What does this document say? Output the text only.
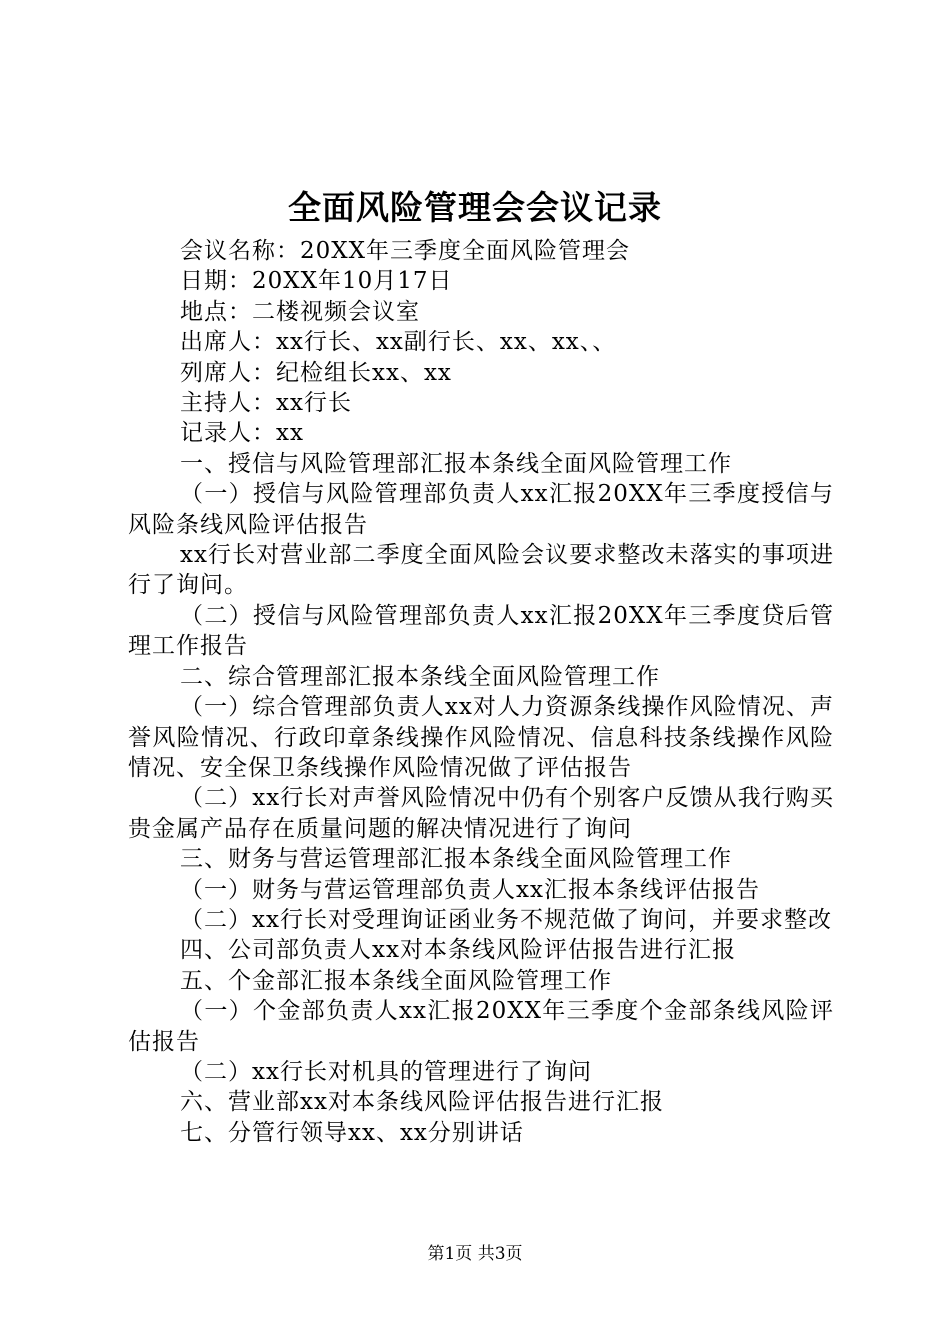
全面风险管理会会议记录

会议名称：20XX年三季度全面风险管理会

日期：20XX年10月17日

地点：二楼视频会议室

出席人：xx行长、xx副行长、xx、xx、、

列席人：纪检组长xx、xx

主持人：xx行长

记录人：xx

一、授信与风险管理部汇报本条线全面风险管理工作

（一）授信与风险管理部负责人xx汇报20XX年三季度授信与风险条线风险评估报告

xx行长对营业部二季度全面风险会议要求整改未落实的事项进行了询问。

（二）授信与风险管理部负责人xx汇报20XX年三季度贷后管理工作报告

二、综合管理部汇报本条线全面风险管理工作

（一）综合管理部负责人xx对人力资源条线操作风险情况、声誉风险情况、行政印章条线操作风险情况、信息科技条线操作风险情况、安全保卫条线操作风险情况做了评估报告

（二）xx行长对声誉风险情况中仍有个别客户反馈从我行购买贵金属产品存在质量问题的解决情况进行了询问

三、财务与营运管理部汇报本条线全面风险管理工作

（一）财务与营运管理部负责人xx汇报本条线评估报告

（二）xx行长对受理询证函业务不规范做了询问，并要求整改

四、公司部负责人xx对本条线风险评估报告进行汇报

五、个金部汇报本条线全面风险管理工作

（一）个金部负责人xx汇报20XX年三季度个金部条线风险评估报告

（二）xx行长对机具的管理进行了询问

六、营业部xx对本条线风险评估报告进行汇报

七、分管行领导xx、xx分别讲话

第1页 共3页
